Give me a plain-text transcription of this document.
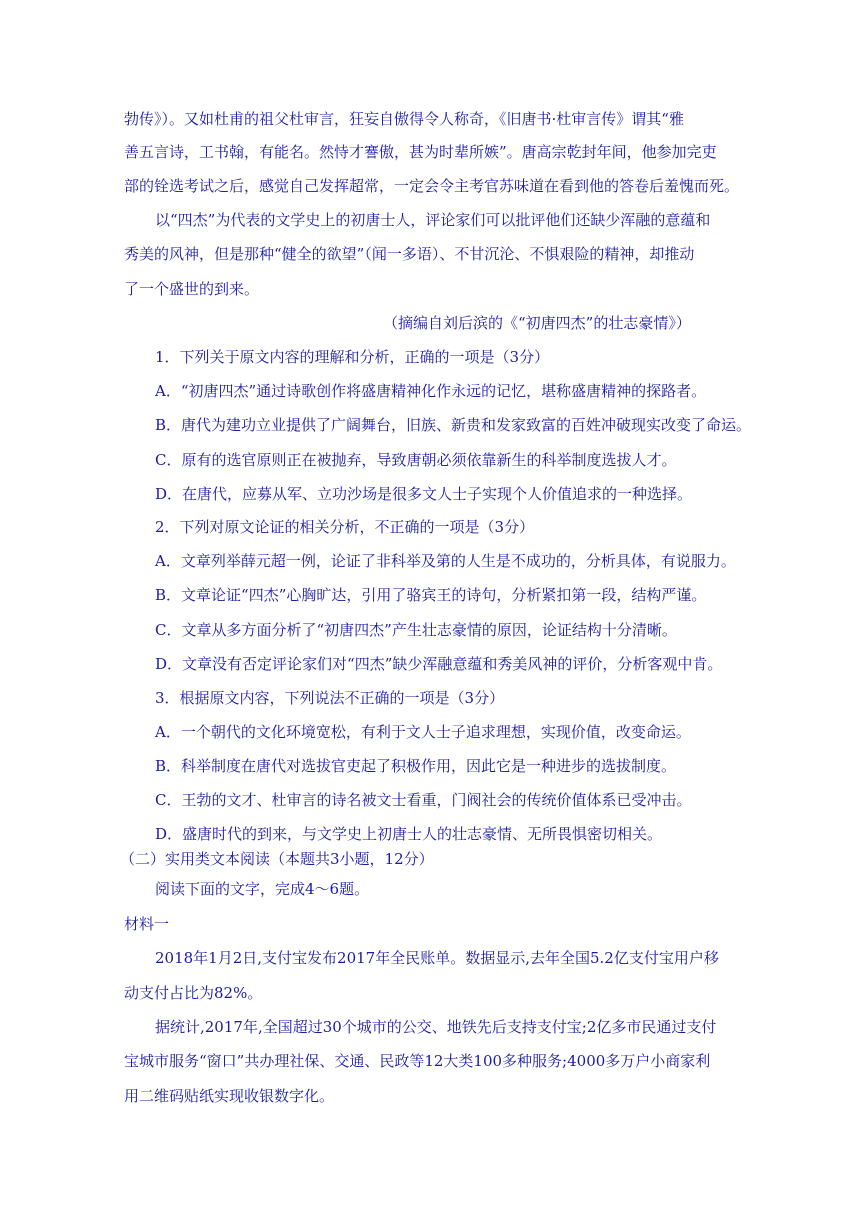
勃传》）。又如杜甫的祖父杜审言，狂妄自傲得令人称奇，《旧唐书·杜审言传》谓其“雅
善五言诗，工书翰，有能名。然恃才謇傲，甚为时辈所嫉”。唐高宗乾封年间，他参加完吏
部的铨选考试之后，感觉自己发挥超常，一定会令主考官苏味道在看到他的答卷后羞愧而死。
以“四杰”为代表的文学史上的初唐士人，评论家们可以批评他们还缺少浑融的意蕴和
秀美的风神，但是那种“健全的欲望”（闻一多语）、不甘沉沦、不惧艰险的精神，却推动
了一个盛世的到来。
（摘编自刘后滨的《“初唐四杰”的壮志豪情》）
1．下列关于原文内容的理解和分析，正确的一项是（3分）
A．“初唐四杰”通过诗歌创作将盛唐精神化作永远的记忆，堪称盛唐精神的探路者。
B．唐代为建功立业提供了广阔舞台，旧族、新贵和发家致富的百姓冲破现实改变了命运。
C．原有的选官原则正在被抛弃，导致唐朝必须依靠新生的科举制度选拔人才。
D．在唐代，应募从军、立功沙场是很多文人士子实现个人价值追求的一种选择。
2．下列对原文论证的相关分析，不正确的一项是（3分）
A．文章列举薛元超一例，论证了非科举及第的人生是不成功的，分析具体，有说服力。
B．文章论证“四杰”心胸旷达，引用了骆宾王的诗句，分析紧扣第一段，结构严谨。
C．文章从多方面分析了“初唐四杰”产生壮志豪情的原因，论证结构十分清晰。
D．文章没有否定评论家们对“四杰”缺少浑融意蕴和秀美风神的评价，分析客观中肯。
3．根据原文内容，下列说法不正确的一项是（3分）
A．一个朝代的文化环境宽松，有利于文人士子追求理想，实现价值，改变命运。
B．科举制度在唐代对选拔官吏起了积极作用，因此它是一种进步的选拔制度。
C．王勃的文才、杜审言的诗名被文士看重，门阀社会的传统价值体系已受冲击。
D．盛唐时代的到来，与文学史上初唐士人的壮志豪情、无所畏惧密切相关。
（二）实用类文本阅读（本题共3小题，12分）
阅读下面的文字，完成4～6题。
材料一
2018年1月2日,支付宝发布2017年全民账单。数据显示,去年全国5.2亿支付宝用户移
动支付占比为82%。
据统计,2017年,全国超过30个城市的公交、地铁先后支持支付宝;2亿多市民通过支付
宝城市服务“窗口”共办理社保、交通、民政等12大类100多种服务;4000多万户小商家利
用二维码贴纸实现收银数字化。
